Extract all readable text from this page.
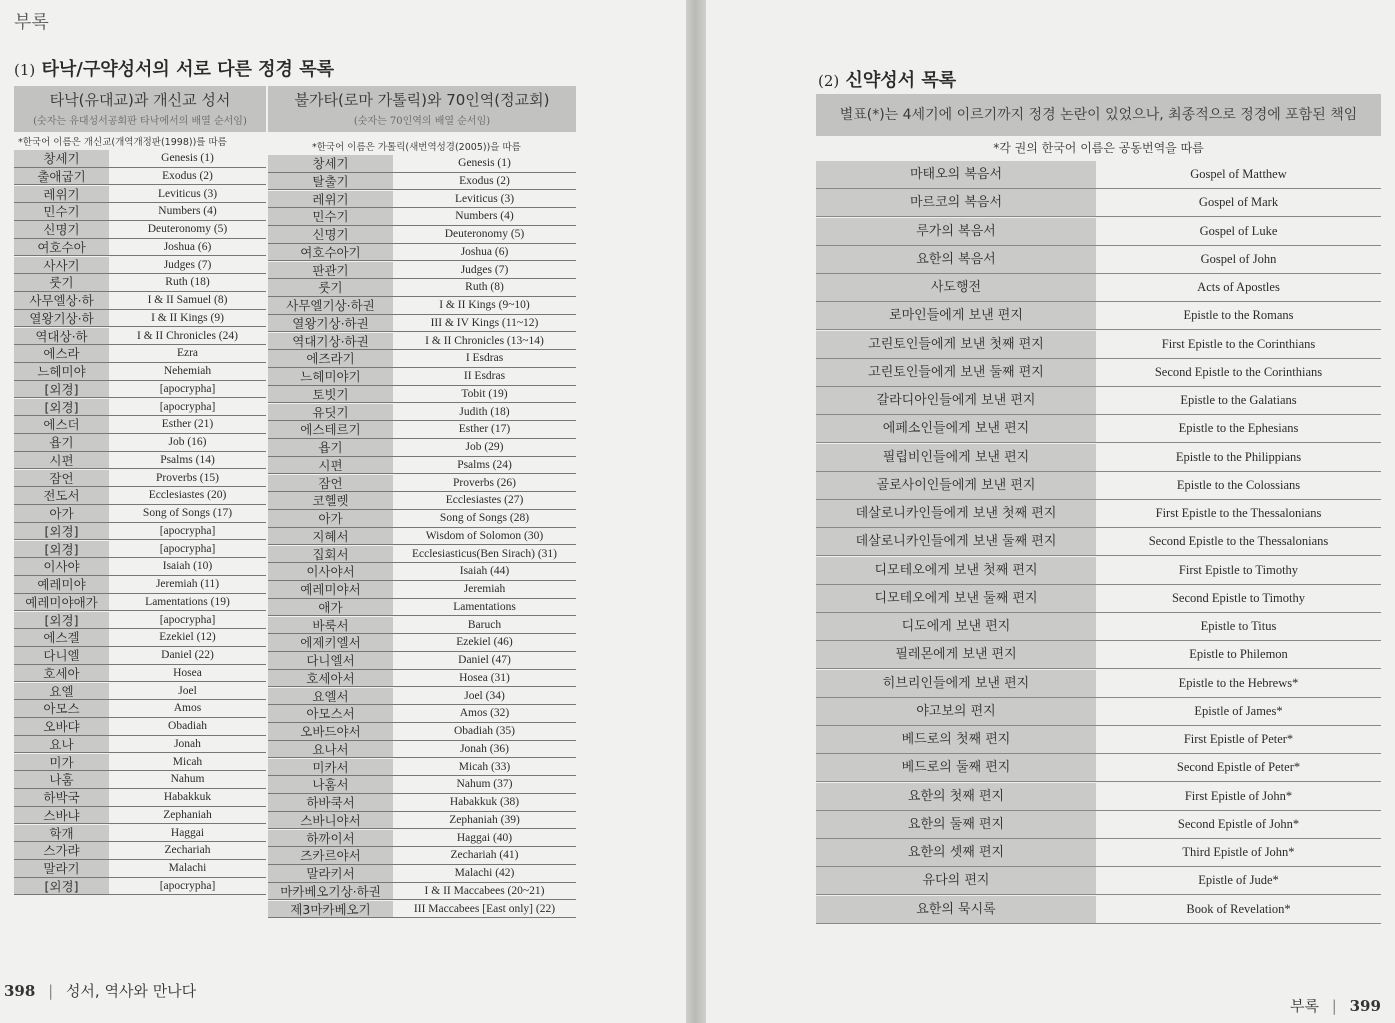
부록
(1) 타낙/구약성서의 서로 다른 정경 목록
타낙(유대교)과 개신교 성서
(숫자는 유대성서공회판 타낙에서의 배열 순서임)
불가타(로마 가톨릭)와 70인역(정교회)
(숫자는 70인역의 배열 순서임)
*한국어 이름은 개신교(개역개정판(1998))를 따름	*한국어 이름은 가톨릭(새번역성경(2005))을 따름
창세기	Genesis (1)
출애굽기	Exodus (2)
레위기	Leviticus (3)
민수기	Numbers (4)
신명기	Deuteronomy (5)
여호수아	Joshua (6)
사사기	Judges (7)
룻기	Ruth (18)
사무엘상·하	I & II Samuel (8)
열왕기상·하	I & II Kings (9)
역대상·하	I & II Chronicles (24)
에스라	Ezra
느헤미야	Nehemiah
[외경]	[apocrypha]
[외경]	[apocrypha]
에스더	Esther (21)
욥기	Job (16)
시편	Psalms (14)
잠언	Proverbs (15)
전도서	Ecclesiastes (20)
아가	Song of Songs (17)
[외경]	[apocrypha]
[외경]	[apocrypha]
이사야	Isaiah (10)
예레미야	Jeremiah (11)
예레미야애가	Lamentations (19)
[외경]	[apocrypha]
에스겔	Ezekiel (12)
다니엘	Daniel (22)
호세아	Hosea
요엘	Joel
아모스	Amos
오바댜	Obadiah
요나	Jonah
미가	Micah
나훔	Nahum
하박국	Habakkuk
스바냐	Zephaniah
학개	Haggai
스가랴	Zechariah
말라기	Malachi
[외경]	[apocrypha]
창세기	Genesis (1)
탈출기	Exodus (2)
레위기	Leviticus (3)
민수기	Numbers (4)
신명기	Deuteronomy (5)
여호수아기	Joshua (6)
판관기	Judges (7)
룻기	Ruth (8)
사무엘기상·하권	I & II Kings (9~10)
열왕기상·하권	III & IV Kings (11~12)
역대기상·하권	I & II Chronicles (13~14)
에즈라기	I Esdras
느헤미야기	II Esdras
토빗기	Tobit (19)
유딧기	Judith (18)
에스테르기	Esther (17)
욥기	Job (29)
시편	Psalms (24)
잠언	Proverbs (26)
코헬렛	Ecclesiastes (27)
아가	Song of Songs (28)
지혜서	Wisdom of Solomon (30)
집회서	Ecclesiasticus(Ben Sirach) (31)
이사야서	Isaiah (44)
예레미야서	Jeremiah
애가	Lamentations
바룩서	Baruch
에제키엘서	Ezekiel (46)
다니엘서	Daniel (47)
호세아서	Hosea (31)
요엘서	Joel (34)
아모스서	Amos (32)
오바드야서	Obadiah (35)
요나서	Jonah (36)
미카서	Micah (33)
나훔서	Nahum (37)
하바쿡서	Habakkuk (38)
스바니야서	Zephaniah (39)
하까이서	Haggai (40)
즈카르야서	Zechariah (41)
말라키서	Malachi (42)
마카베오기상·하권	I & II Maccabees (20~21)
제3마카베오기	III Maccabees [East only] (22)
(2) 신약성서 목록
별표(*)는 4세기에 이르기까지 정경 논란이 있었으나, 최종적으로 정경에 포함된 책임
*각 권의 한국어 이름은 공동번역을 따름
마태오의 복음서	Gospel of Matthew
마르코의 복음서	Gospel of Mark
루가의 복음서	Gospel of Luke
요한의 복음서	Gospel of John
사도행전	Acts of Apostles
로마인들에게 보낸 편지	Epistle to the Romans
고린토인들에게 보낸 첫째 편지	First Epistle to the Corinthians
고린토인들에게 보낸 둘째 편지	Second Epistle to the Corinthians
갈라디아인들에게 보낸 편지	Epistle to the Galatians
에페소인들에게 보낸 편지	Epistle to the Ephesians
필립비인들에게 보낸 편지	Epistle to the Philippians
골로사이인들에게 보낸 편지	Epistle to the Colossians
데살로니카인들에게 보낸 첫째 편지	First Epistle to the Thessalonians
데살로니카인들에게 보낸 둘째 편지	Second Epistle to the Thessalonians
디모테오에게 보낸 첫째 편지	First Epistle to Timothy
디모테오에게 보낸 둘째 편지	Second Epistle to Timothy
디도에게 보낸 편지	Epistle to Titus
필레몬에게 보낸 편지	Epistle to Philemon
히브리인들에게 보낸 편지	Epistle to the Hebrews*
야고보의 편지	Epistle of James*
베드로의 첫째 편지	First Epistle of Peter*
베드로의 둘째 편지	Second Epistle of Peter*
요한의 첫째 편지	First Epistle of John*
요한의 둘째 편지	Second Epistle of John*
요한의 셋째 편지	Third Epistle of John*
유다의 편지	Epistle of Jude*
요한의 묵시록	Book of Revelation*
398 | 성서, 역사와 만나다
부록 | 399
